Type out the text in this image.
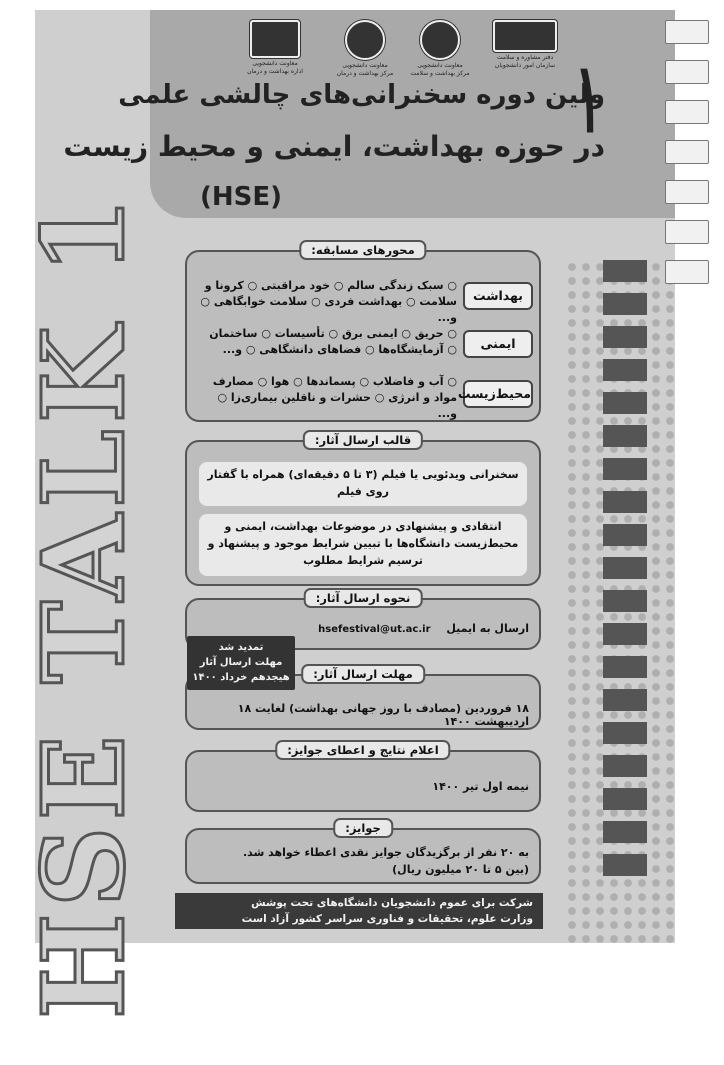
دفتر مشاوره و سلامت
سازمان امور دانشجویان
معاونت دانشجویی
مرکز بهداشت و سلامت
معاونت دانشجویی
مرکز بهداشت و درمان
معاونت دانشجویی
اداره بهداشت و درمان	۱
ولین دوره سخنرانی‌های چالشی علمی
در حوزه بهداشت، ایمنی و محیط زیست
(HSE)
HSE TALK 1	محورهای مسابقه:
بهداشت
○ سبک زندگی سالم ○ خود مراقبتی ○ کرونا و سلامت ○ بهداشت فردی ○ سلامت خوابگاهی ○ و...
ایمنی
○ حریق ○ ایمنی برق ○ تأسیسات ○ ساختمان ○ آزمایشگاه‌ها ○ فضاهای دانشگاهی ○ و...
محیط‌زیست
○ آب و فاضلاب ○ پسماندها ○ هوا ○ مصارف مواد و انرژی ○ حشرات و ناقلین بیماری‌زا ○ و...
قالب ارسال آثار:
سخنرانی ویدئویی یا فیلم (۳ تا ۵ دقیقه‌ای) همراه با گفتار روی فیلم
انتقادی و پیشنهادی در موضوعات بهداشت، ایمنی و محیط‌زیست دانشگاه‌ها با تبیین شرایط موجود و پیشنهاد و ترسیم شرایط مطلوب
نحوه ارسال آثار:
ارسال به ایمیل hsefestival@ut.ac.ir
مهلت ارسال آثار:
۱۸ فروردین (مصادف با روز جهانی بهداشت) لغایت ۱۸ اردیبهشت ۱۴۰۰
تمدید شد
مهلت ارسال آثار
هیجدهم خرداد ۱۴۰۰
اعلام نتایج و اعطای جوایز:
نیمه اول تیر ۱۴۰۰
جوایز:
به ۲۰ نفر از برگزیدگان جوایز نقدی اعطاء خواهد شد.
(بین ۵ تا ۲۰ میلیون ریال)
شرکت برای عموم دانشجویان دانشگاه‌های تحت پوشش
وزارت علوم، تحقیقات و فناوری سراسر کشور آزاد است
